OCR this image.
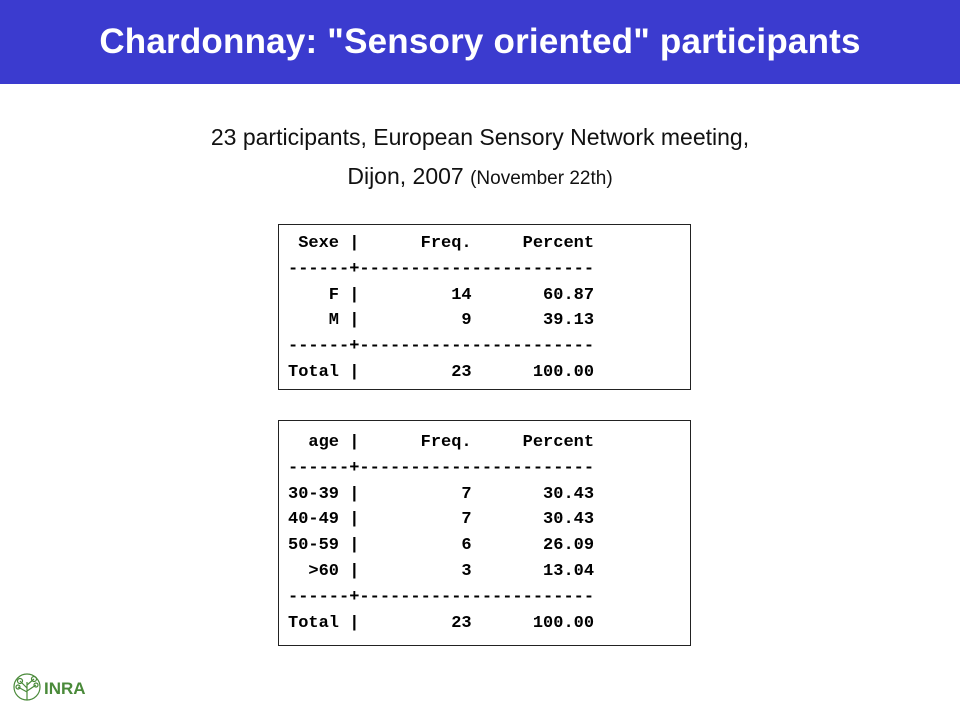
Chardonnay: "Sensory oriented" participants
23 participants, European Sensory Network meeting,
Dijon, 2007 (November 22th)
Sexe |      Freq.     Percent
------+-----------------------
F |         14       60.87
M |          9       39.13
------+-----------------------
Total |         23      100.00
age |      Freq.     Percent
------+-----------------------
30-39 |          7       30.43
40-49 |          7       30.43
50-59 |          6       26.09
>60 |          3       13.04
------+-----------------------
Total |         23      100.00
INRA
